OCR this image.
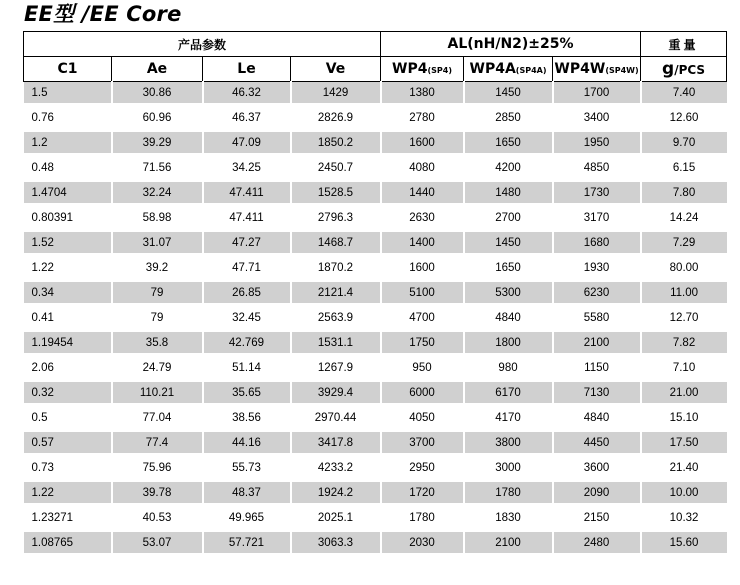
EE型 /EE Core
产品参数				AL(nH/N2)±25%			重量
C1	Ae	Le	Ve	WP4(SP4)	WP4A(SP4A)	WP4W(SP4W)	g/PCS
1.5	30.86	46.32	1429	1380	1450	1700	7.40
0.76	60.96	46.37	2826.9	2780	2850	3400	12.60
1.2	39.29	47.09	1850.2	1600	1650	1950	9.70
0.48	71.56	34.25	2450.7	4080	4200	4850	6.15
1.4704	32.24	47.411	1528.5	1440	1480	1730	7.80
0.80391	58.98	47.411	2796.3	2630	2700	3170	14.24
1.52	31.07	47.27	1468.7	1400	1450	1680	7.29
1.22	39.2	47.71	1870.2	1600	1650	1930	80.00
0.34	79	26.85	2121.4	5100	5300	6230	11.00
0.41	79	32.45	2563.9	4700	4840	5580	12.70
1.19454	35.8	42.769	1531.1	1750	1800	2100	7.82
2.06	24.79	51.14	1267.9	950	980	1150	7.10
0.32	110.21	35.65	3929.4	6000	6170	7130	21.00
0.5	77.04	38.56	2970.44	4050	4170	4840	15.10
0.57	77.4	44.16	3417.8	3700	3800	4450	17.50
0.73	75.96	55.73	4233.2	2950	3000	3600	21.40
1.22	39.78	48.37	1924.2	1720	1780	2090	10.00
1.23271	40.53	49.965	2025.1	1780	1830	2150	10.32
1.08765	53.07	57.721	3063.3	2030	2100	2480	15.60
